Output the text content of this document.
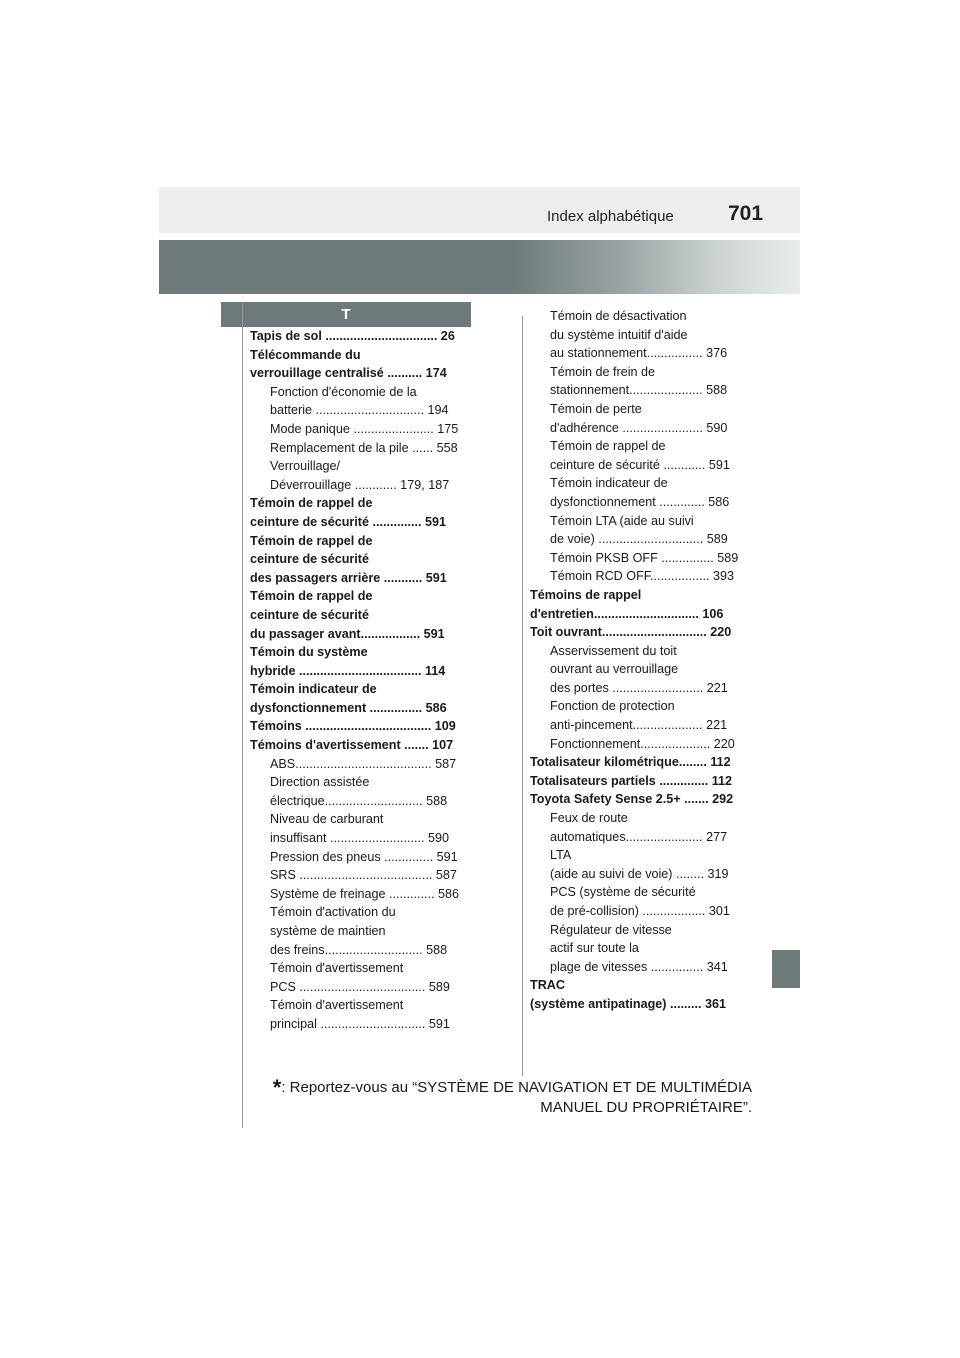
Index alphabétique	701
T
Tapis de sol ................................ 26
Télécommande du
verrouillage centralisé .......... 174
Fonction d'économie de la
batterie ............................... 194
Mode panique ....................... 175
Remplacement de la pile ...... 558
Verrouillage/
Déverrouillage ............ 179, 187
Témoin de rappel de
ceinture de sécurité .............. 591
Témoin de rappel de
ceinture de sécurité
des passagers arrière ........... 591
Témoin de rappel de
ceinture de sécurité
du passager avant................. 591
Témoin du système
hybride ................................... 114
Témoin indicateur de
dysfonctionnement ............... 586
Témoins .................................... 109
Témoins d'avertissement ....... 107
ABS....................................... 587
Direction assistée
électrique............................ 588
Niveau de carburant
insuffisant ........................... 590
Pression des pneus .............. 591
SRS ...................................... 587
Système de freinage ............. 586
Témoin d'activation du
système de maintien
des freins............................ 588
Témoin d'avertissement
PCS .................................... 589
Témoin d'avertissement
principal .............................. 591
Témoin de désactivation
du système intuitif d'aide
au stationnement................ 376
Témoin de frein de
stationnement..................... 588
Témoin de perte
d'adhérence ....................... 590
Témoin de rappel de
ceinture de sécurité ............ 591
Témoin indicateur de
dysfonctionnement ............. 586
Témoin LTA (aide au suivi
de voie) .............................. 589
Témoin PKSB OFF ............... 589
Témoin RCD OFF................. 393
Témoins de rappel
d'entretien.............................. 106
Toit ouvrant.............................. 220
Asservissement du toit
ouvrant au verrouillage
des portes .......................... 221
Fonction de protection
anti-pincement.................... 221
Fonctionnement.................... 220
Totalisateur kilométrique........ 112
Totalisateurs partiels .............. 112
Toyota Safety Sense 2.5+ ....... 292
Feux de route
automatiques...................... 277
LTA
(aide au suivi de voie) ........ 319
PCS (système de sécurité
de pré-collision) .................. 301
Régulateur de vitesse
actif sur toute la
plage de vitesses ............... 341
TRAC
(système antipatinage) ......... 361
*: Reportez-vous au “SYSTÈME DE NAVIGATION ET DE MULTIMÉDIA
MANUEL DU PROPRIÉTAIRE”.
